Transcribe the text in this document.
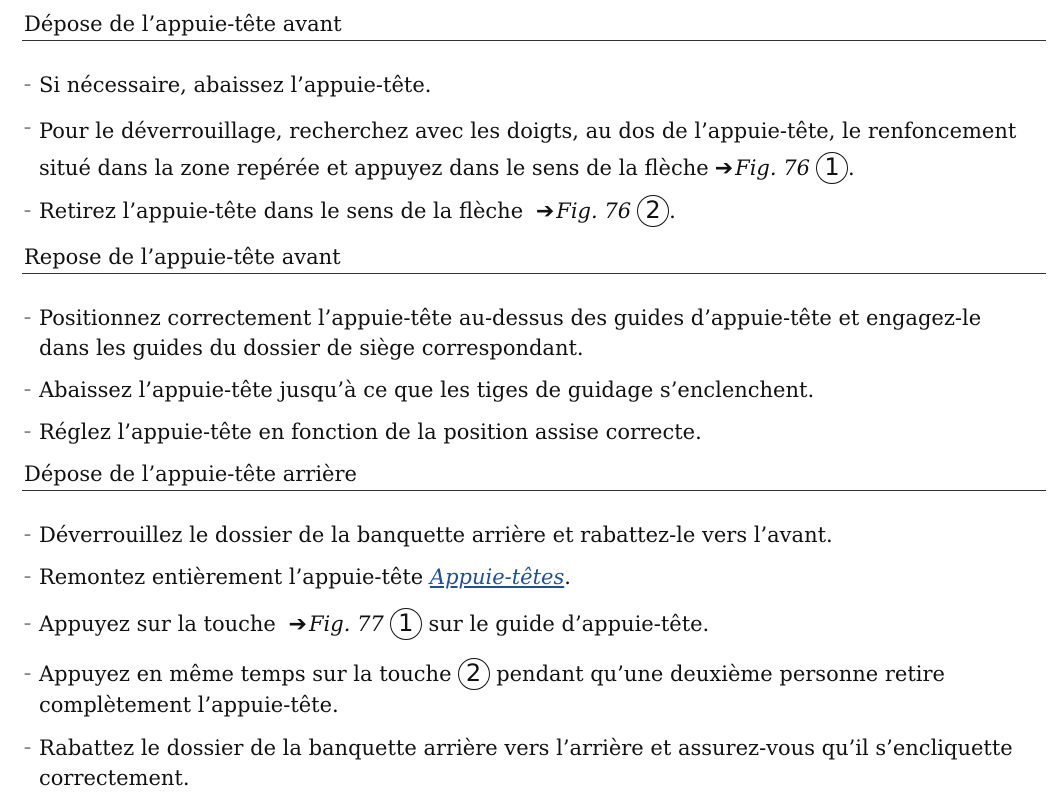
Dépose de l’appuie-tête avant
– Si nécessaire, abaissez l’appuie-tête.
– Pour le déverrouillage, recherchez avec les doigts, au dos de l’appuie-tête, le renfoncement situé dans la zone repérée et appuyez dans le sens de la flèche ➔Fig. 76 1 .
– Retirez l’appuie-tête dans le sens de la flèche ➔Fig. 76 2 .
Repose de l’appuie-tête avant
– Positionnez correctement l’appuie-tête au-dessus des guides d’appuie-tête et engagez-le dans les guides du dossier de siège correspondant.
– Abaissez l’appuie-tête jusqu’à ce que les tiges de guidage s’enclenchent.
– Réglez l’appuie-tête en fonction de la position assise correcte.
Dépose de l’appuie-tête arrière
– Déverrouillez le dossier de la banquette arrière et rabattez-le vers l’avant.
– Remontez entièrement l’appuie-tête Appuie-têtes.
– Appuyez sur la touche ➔Fig. 77 1 sur le guide d’appuie-tête.
– Appuyez en même temps sur la touche 2 pendant qu’une deuxième personne retire complètement l’appuie-tête.
– Rabattez le dossier de la banquette arrière vers l’arrière et assurez-vous qu’il s’encliquette correctement.
